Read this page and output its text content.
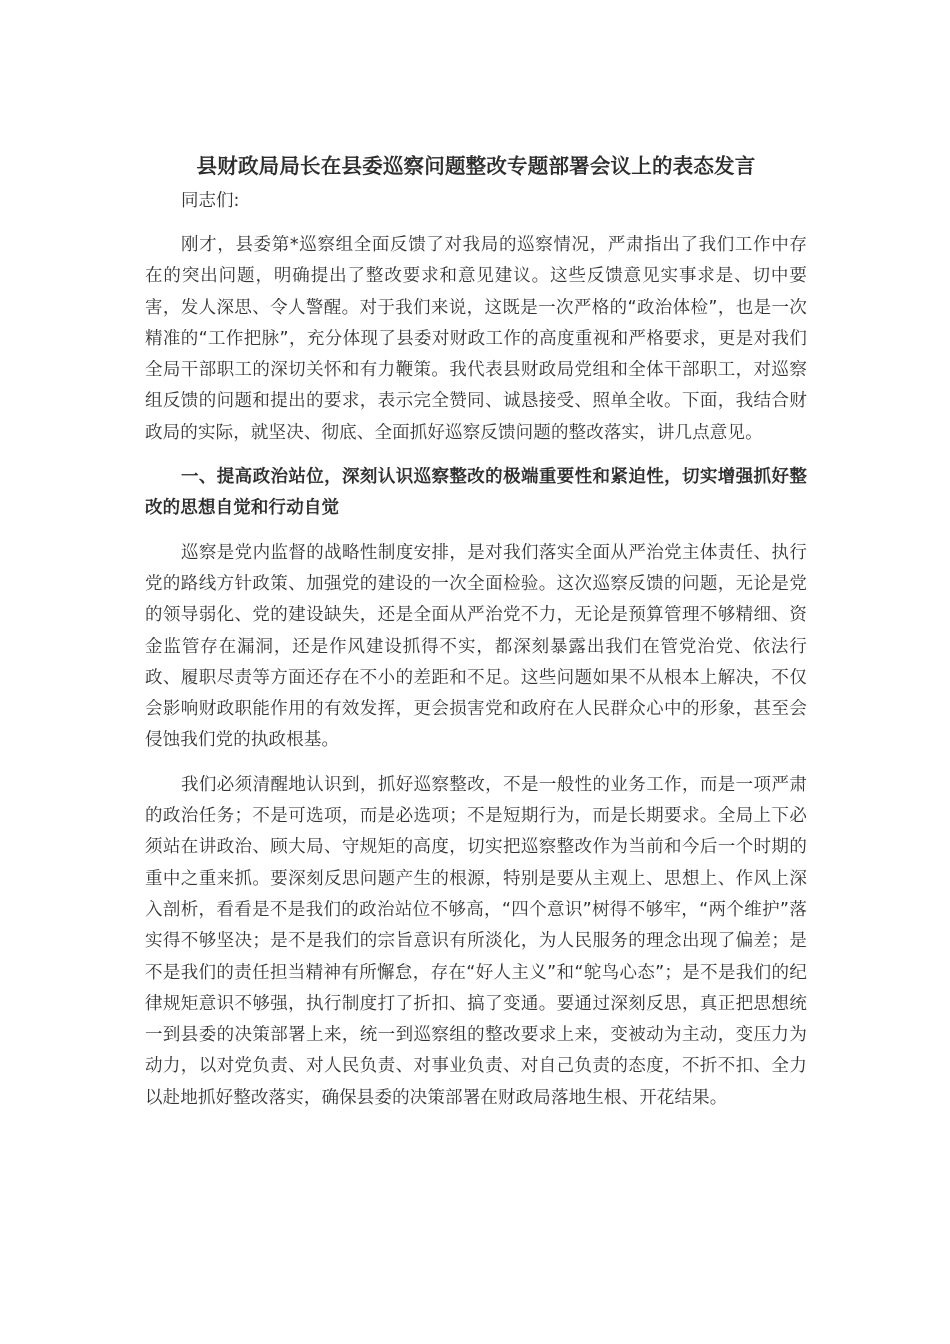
县财政局局长在县委巡察问题整改专题部署会议上的表态发言
同志们:

刚才，县委第*巡察组全面反馈了对我局的巡察情况，严肃指出了我们工作中存在的突出问题，明确提出了整改要求和意见建议。这些反馈意见实事求是、切中要害，发人深思、令人警醒。对于我们来说，这既是一次严格的“政治体检”，也是一次精准的“工作把脉”，充分体现了县委对财政工作的高度重视和严格要求，更是对我们全局干部职工的深切关怀和有力鞭策。我代表县财政局党组和全体干部职工，对巡察组反馈的问题和提出的要求，表示完全赞同、诚恳接受、照单全收。下面，我结合财政局的实际，就坚决、彻底、全面抓好巡察反馈问题的整改落实，讲几点意见。

一、提高政治站位，深刻认识巡察整改的极端重要性和紧迫性，切实增强抓好整改的思想自觉和行动自觉

巡察是党内监督的战略性制度安排，是对我们落实全面从严治党主体责任、执行党的路线方针政策、加强党的建设的一次全面检验。这次巡察反馈的问题，无论是党的领导弱化、党的建设缺失，还是全面从严治党不力，无论是预算管理不够精细、资金监管存在漏洞，还是作风建设抓得不实，都深刻暴露出我们在管党治党、依法行政、履职尽责等方面还存在不小的差距和不足。这些问题如果不从根本上解决，不仅会影响财政职能作用的有效发挥，更会损害党和政府在人民群众心中的形象，甚至会侵蚀我们党的执政根基。

我们必须清醒地认识到，抓好巡察整改，不是一般性的业务工作，而是一项严肃的政治任务；不是可选项，而是必选项；不是短期行为，而是长期要求。全局上下必须站在讲政治、顾大局、守规矩的高度，切实把巡察整改作为当前和今后一个时期的重中之重来抓。要深刻反思问题产生的根源，特别是要从主观上、思想上、作风上深入剖析，看看是不是我们的政治站位不够高，“四个意识”树得不够牢，“两个维护”落实得不够坚决；是不是我们的宗旨意识有所淡化，为人民服务的理念出现了偏差；是不是我们的责任担当精神有所懈怠，存在“好人主义”和“鸵鸟心态”；是不是我们的纪律规矩意识不够强，执行制度打了折扣、搞了变通。要通过深刻反思，真正把思想统一到县委的决策部署上来，统一到巡察组的整改要求上来，变被动为主动，变压力为动力，以对党负责、对人民负责、对事业负责、对自己负责的态度，不折不扣、全力以赴地抓好整改落实，确保县委的决策部署在财政局落地生根、开花结果。
